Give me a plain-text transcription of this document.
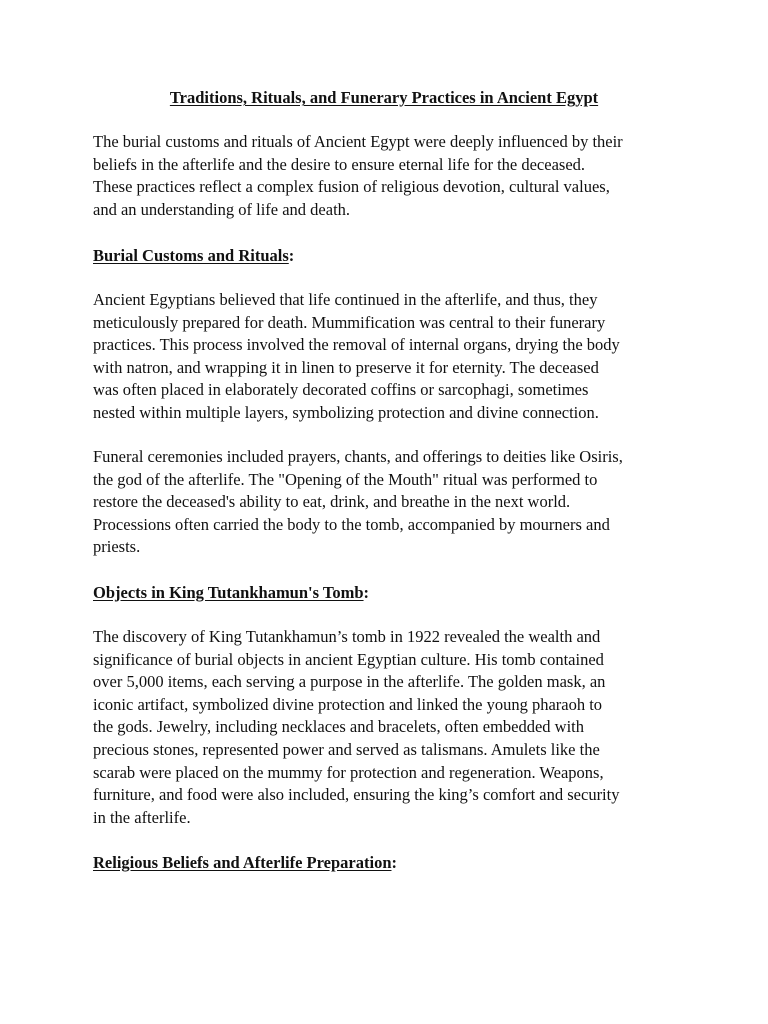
Traditions, Rituals, and Funerary Practices in Ancient Egypt

The burial customs and rituals of Ancient Egypt were deeply influenced by their
beliefs in the afterlife and the desire to ensure eternal life for the deceased.
These practices reflect a complex fusion of religious devotion, cultural values,
and an understanding of life and death.

Burial Customs and Rituals:

Ancient Egyptians believed that life continued in the afterlife, and thus, they
meticulously prepared for death. Mummification was central to their funerary
practices. This process involved the removal of internal organs, drying the body
with natron, and wrapping it in linen to preserve it for eternity. The deceased
was often placed in elaborately decorated coffins or sarcophagi, sometimes
nested within multiple layers, symbolizing protection and divine connection.

Funeral ceremonies included prayers, chants, and offerings to deities like Osiris,
the god of the afterlife. The "Opening of the Mouth" ritual was performed to
restore the deceased's ability to eat, drink, and breathe in the next world.
Processions often carried the body to the tomb, accompanied by mourners and
priests.

Objects in King Tutankhamun's Tomb:

The discovery of King Tutankhamun’s tomb in 1922 revealed the wealth and
significance of burial objects in ancient Egyptian culture. His tomb contained
over 5,000 items, each serving a purpose in the afterlife. The golden mask, an
iconic artifact, symbolized divine protection and linked the young pharaoh to
the gods. Jewelry, including necklaces and bracelets, often embedded with
precious stones, represented power and served as talismans. Amulets like the
scarab were placed on the mummy for protection and regeneration. Weapons,
furniture, and food were also included, ensuring the king’s comfort and security
in the afterlife.

Religious Beliefs and Afterlife Preparation:
